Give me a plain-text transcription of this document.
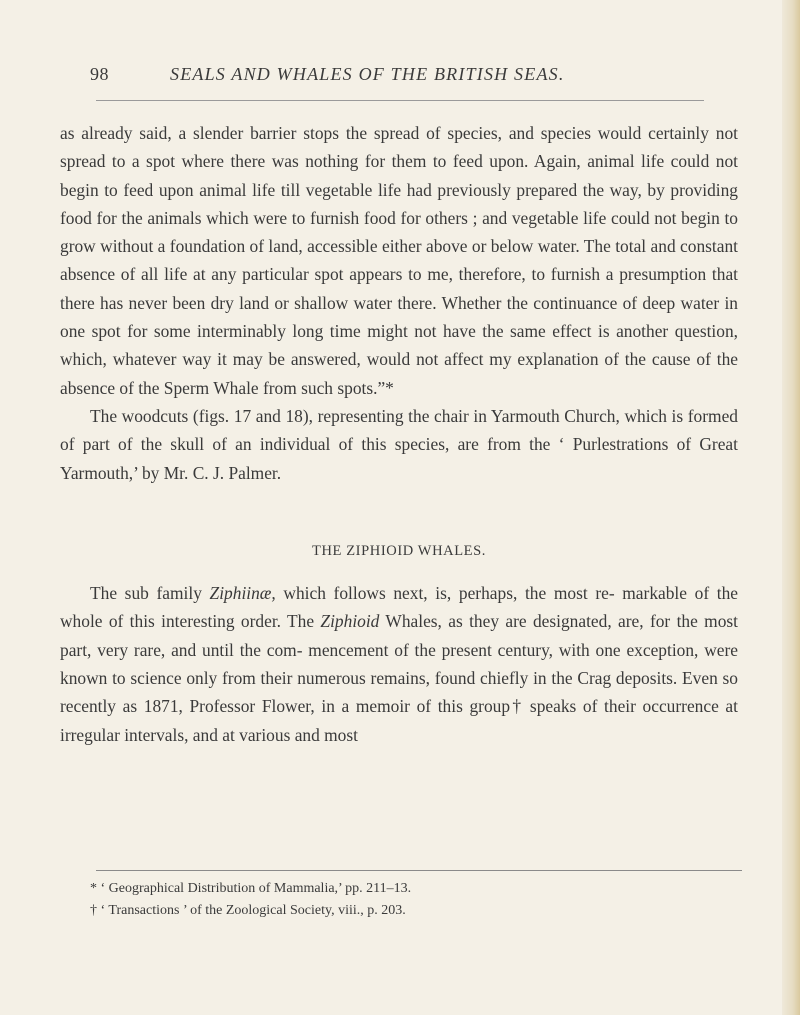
98	SEALS AND WHALES OF THE BRITISH SEAS.

as already said, a slender barrier stops the spread of species, and species would certainly not spread to a spot where there was nothing for them to feed upon. Again, animal life could not begin to feed upon animal life till vegetable life had previously prepared the way, by providing food for the animals which were to furnish food for others ; and vegetable life could not begin to grow without a foundation of land, accessible either above or below water. The total and constant absence of all life at any particular spot appears to me, therefore, to furnish a presumption that there has never been dry land or shallow water there. Whether the continuance of deep water in one spot for some interminably long time might not have the same effect is another question, which, whatever way it may be answered, would not affect my explanation of the cause of the absence of the Sperm Whale from such spots.”*

The woodcuts (figs. 17 and 18), representing the chair in Yarmouth Church, which is formed of part of the skull of an individual of this species, are from the ‘ Purlestrations of Great Yarmouth,’ by Mr. C. J. Palmer.

THE ZIPHIOID WHALES.

The sub family Ziphiinæ, which follows next, is, perhaps, the most re- markable of the whole of this interesting order. The Ziphioid Whales, as they are designated, are, for the most part, very rare, and until the com- mencement of the present century, with one exception, were known to science only from their numerous remains, found chiefly in the Crag deposits. Even so recently as 1871, Professor Flower, in a memoir of this group† speaks of their occurrence at irregular intervals, and at various and most

* ‘ Geographical Distribution of Mammalia,’ pp. 211–13.
† ‘ Transactions ’ of the Zoological Society, viii., p. 203.
